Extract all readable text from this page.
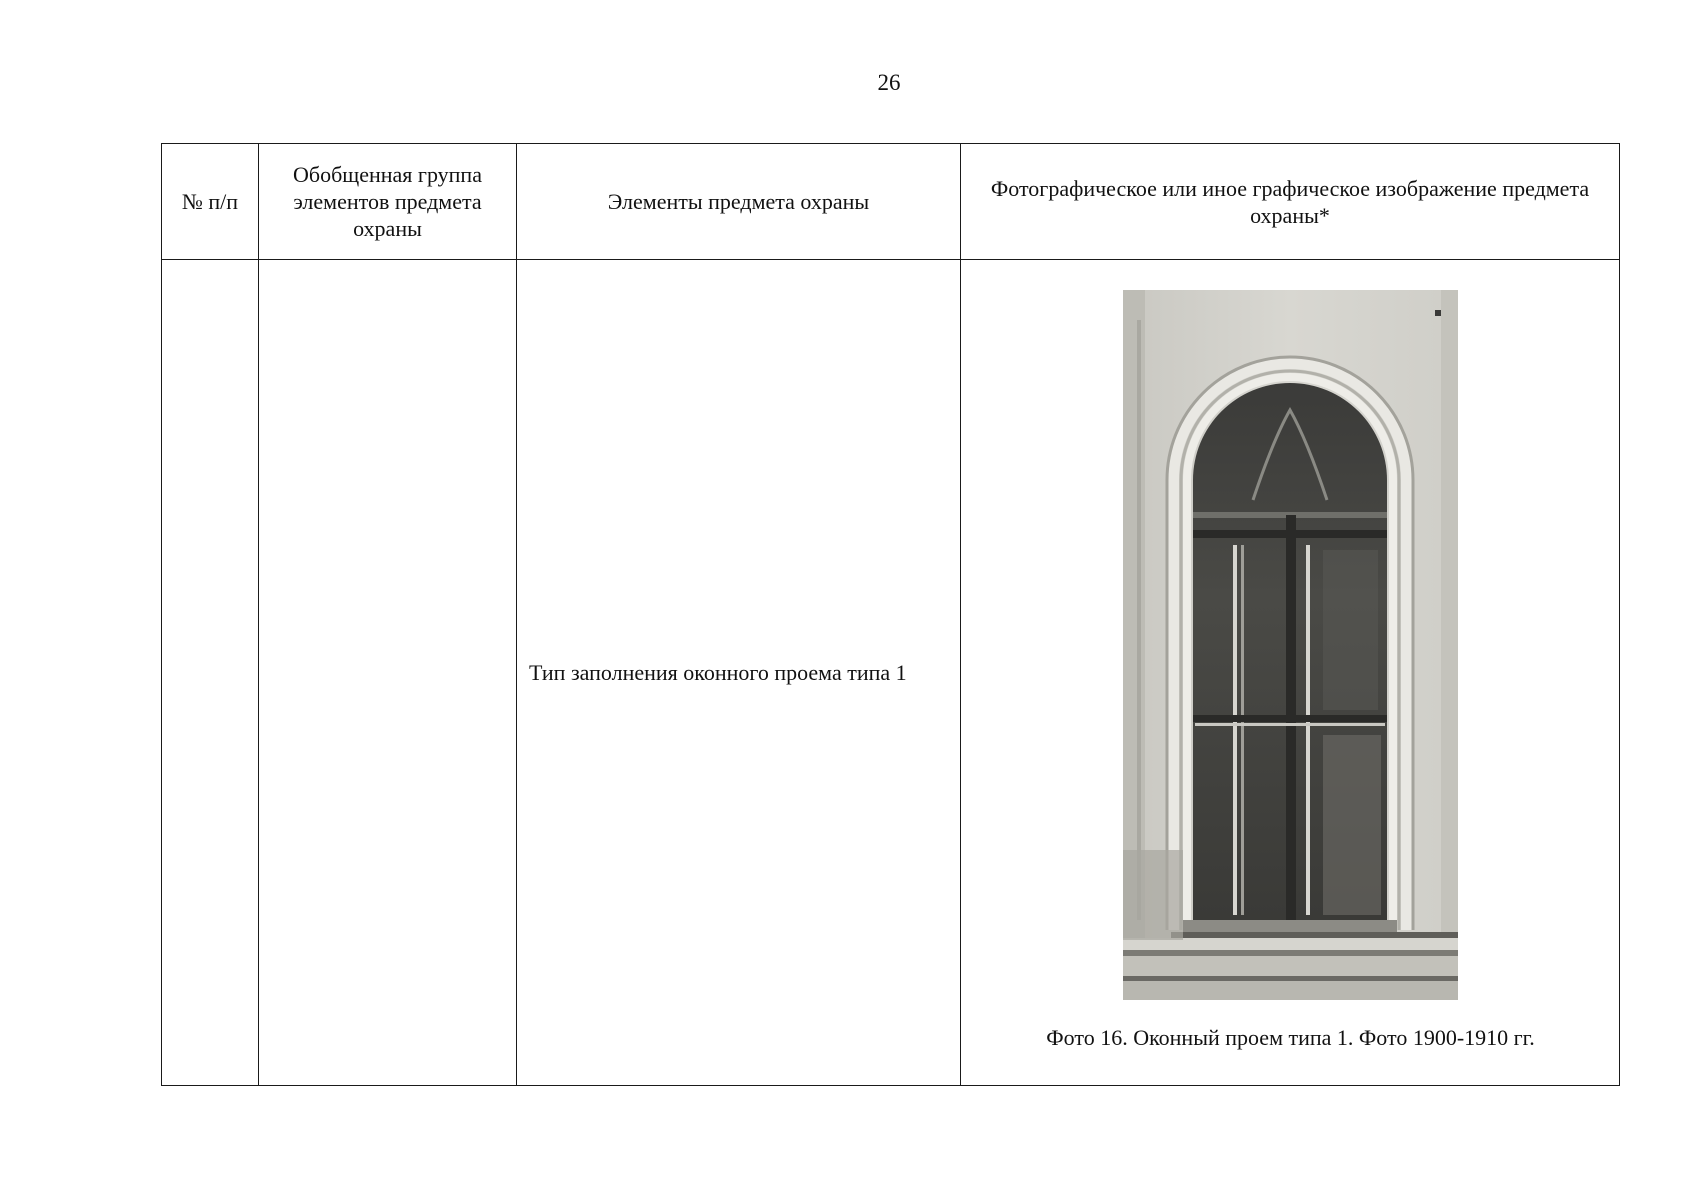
26
№ п/п	Обобщенная группа элементов предмета охраны	Элементы предмета охраны	Фотографическое или иное графическое изображение предмета охраны*
		Тип заполнения оконного проема типа 1	Фото 16. Оконный проем типа 1. Фото 1900-1910 гг.
